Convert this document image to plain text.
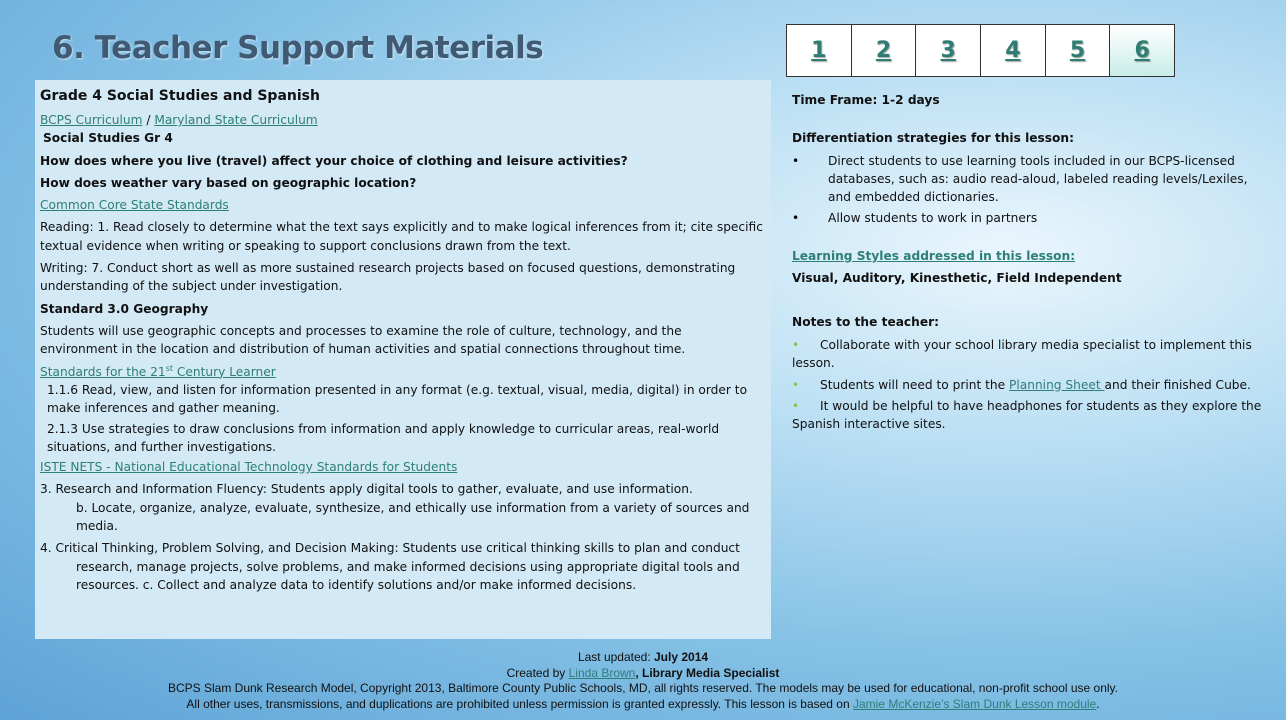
6. Teacher Support Materials	1	2	3	4	5	6

Grade 4 Social Studies and Spanish

BCPS Curriculum / Maryland State Curriculum

Social Studies Gr 4

How does where you live (travel) affect your choice of clothing and leisure activities?

How does weather vary based on geographic location?

Common Core State Standards

Reading: 1. Read closely to determine what the text says explicitly and to make logical inferences from it; cite specific textual evidence when writing or speaking to support conclusions drawn from the text.

Writing: 7. Conduct short as well as more sustained research projects based on focused questions, demonstrating understanding of the subject under investigation.

Standard 3.0 Geography

Students will use geographic concepts and processes to examine the role of culture, technology, and the environment in the location and distribution of human activities and spatial connections throughout time.

Standards for the 21st Century Learner

1.1.6 Read, view, and listen for information presented in any format (e.g. textual, visual, media, digital) in order to make inferences and gather meaning.

2.1.3 Use strategies to draw conclusions from information and apply knowledge to curricular areas, real-world situations, and further investigations.

ISTE NETS - National Educational Technology Standards for Students

3. Research and Information Fluency: Students apply digital tools to gather, evaluate, and use information.

b. Locate, organize, analyze, evaluate, synthesize, and ethically use information from a variety of sources and media.

4. Critical Thinking, Problem Solving, and Decision Making: Students use critical thinking skills to plan and conduct research, manage projects, solve problems, and make informed decisions using appropriate digital tools and resources. c. Collect and analyze data to identify solutions and/or make informed decisions.

Time Frame: 1-2 days

Differentiation strategies for this lesson:

• Direct students to use learning tools included in our BCPS-licensed databases, such as: audio read-aloud, labeled reading levels/Lexiles, and embedded dictionaries.
• Allow students to work in partners

Learning Styles addressed in this lesson:

Visual, Auditory, Kinesthetic, Field Independent

Notes to the teacher:

• Collaborate with your school library media specialist to implement this lesson.
• Students will need to print the Planning Sheet and their finished Cube.
• It would be helpful to have headphones for students as they explore the Spanish interactive sites.
Last updated: July 2014
Created by Linda Brown, Library Media Specialist
BCPS Slam Dunk Research Model, Copyright 2013, Baltimore County Public Schools, MD, all rights reserved. The models may be used for educational, non-profit school use only.
All other uses, transmissions, and duplications are prohibited unless permission is granted expressly. This lesson is based on Jamie McKenzie’s Slam Dunk Lesson module.
